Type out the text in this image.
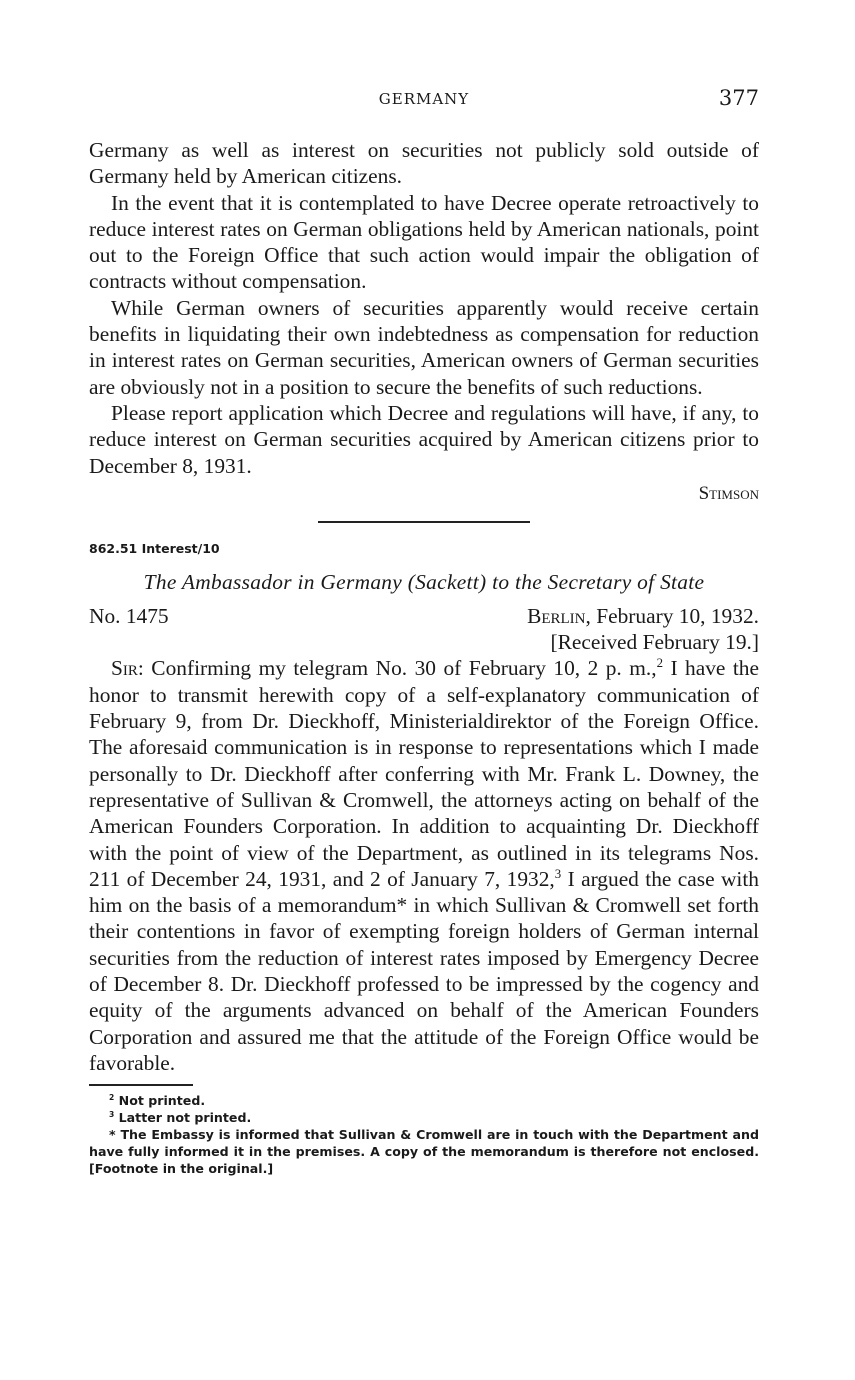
GERMANY	377

Germany as well as interest on securities not publicly sold outside of Germany held by American citizens.

In the event that it is contemplated to have Decree operate retroactively to reduce interest rates on German obligations held by American nationals, point out to the Foreign Office that such action would impair the obligation of contracts without compensation.

While German owners of securities apparently would receive certain benefits in liquidating their own indebtedness as compensation for reduction in interest rates on German securities, American owners of German securities are obviously not in a position to secure the benefits of such reductions.

Please report application which Decree and regulations will have, if any, to reduce interest on German securities acquired by American citizens prior to December 8, 1931.

Stimson
862.51 Interest/10
The Ambassador in Germany (Sackett) to the Secretary of State
No. 1475	Berlin, February 10, 1932.
[Received February 19.]

Sir: Confirming my telegram No. 30 of February 10, 2 p. m.,$^2$ I have the honor to transmit herewith copy of a self-explanatory communication of February 9, from Dr. Dieckhoff, Ministerialdirektor of the Foreign Office. The aforesaid communication is in response to representations which I made personally to Dr. Dieckhoff after conferring with Mr. Frank L. Downey, the representative of Sullivan & Cromwell, the attorneys acting on behalf of the American Founders Corporation. In addition to acquainting Dr. Dieckhoff with the point of view of the Department, as outlined in its telegrams Nos. 211 of December 24, 1931, and 2 of January 7, 1932,$^3$ I argued the case with him on the basis of a memorandum* in which Sullivan & Cromwell set forth their contentions in favor of exempting foreign holders of German internal securities from the reduction of interest rates imposed by Emergency Decree of December 8. Dr. Dieckhoff professed to be impressed by the cogency and equity of the arguments advanced on behalf of the American Founders Corporation and assured me that the attitude of the Foreign Office would be favorable.

$^2$ Not printed.
$^3$ Latter not printed.
* The Embassy is informed that Sullivan & Cromwell are in touch with the Department and have fully informed it in the premises. A copy of the memorandum is therefore not enclosed. [Footnote in the original.]
